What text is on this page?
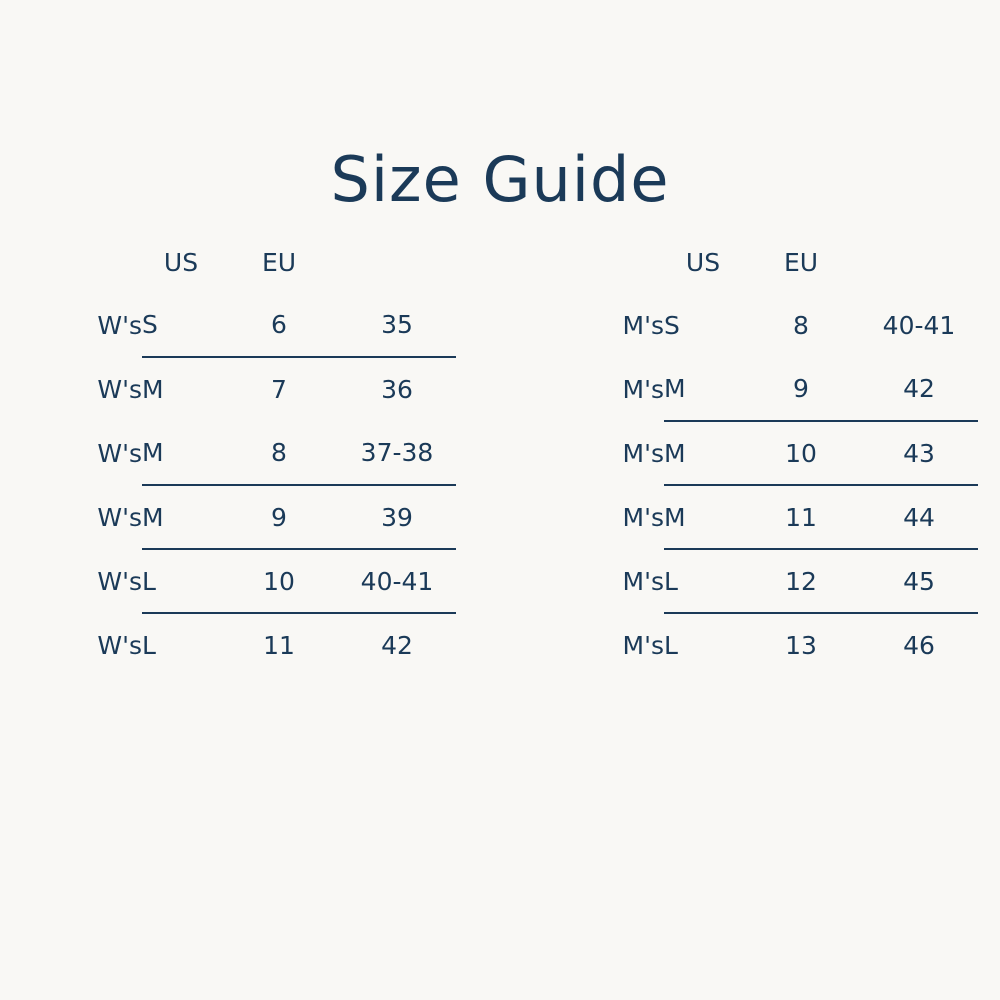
Size Guide
	US	EU	
W's	S	6	35
W's	M	7	36
W's	M	8	37-38
W's	M	9	39
W's	L	10	40-41
W's	L	11	42
	US	EU	
M's	S	8	40-41
M's	M	9	42
M's	M	10	43
M's	M	11	44
M's	L	12	45
M's	L	13	46
